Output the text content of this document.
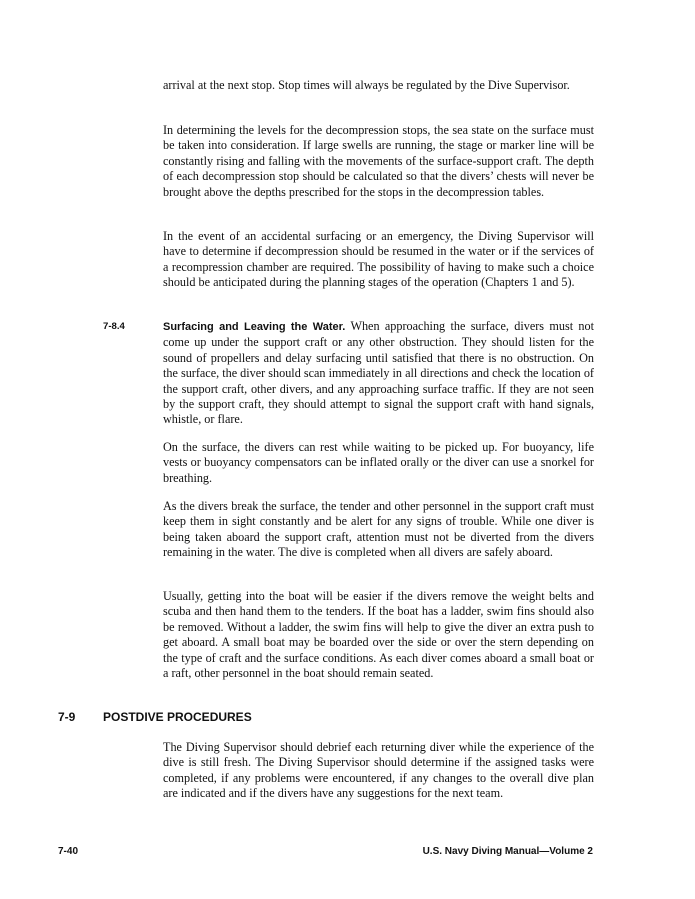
arrival at the next stop. Stop times will always be regulated by the Dive Supervisor.

In determining the levels for the decompression stops, the sea state on the surface must be taken into consideration. If large swells are running, the stage or marker line will be constantly rising and falling with the movements of the surface-support craft. The depth of each decompression stop should be calculated so that the divers’ chests will never be brought above the depths prescribed for the stops in the decompression tables.

In the event of an accidental surfacing or an emergency, the Diving Supervisor will have to determine if decompression should be resumed in the water or if the services of a recompression chamber are required. The possibility of having to make such a choice should be anticipated during the planning stages of the operation (Chapters 1 and 5).

7-8.4	Surfacing and Leaving the Water. When approaching the surface, divers must not come up under the support craft or any other obstruction. They should listen for the sound of propellers and delay surfacing until satisfied that there is no obstruction. On the surface, the diver should scan immediately in all directions and check the location of the support craft, other divers, and any approaching surface traffic. If they are not seen by the support craft, they should attempt to signal the support craft with hand signals, whistle, or flare.

On the surface, the divers can rest while waiting to be picked up. For buoyancy, life vests or buoyancy compensators can be inflated orally or the diver can use a snorkel for breathing.

As the divers break the surface, the tender and other personnel in the support craft must keep them in sight constantly and be alert for any signs of trouble. While one diver is being taken aboard the support craft, attention must not be diverted from the divers remaining in the water. The dive is completed when all divers are safely aboard.

Usually, getting into the boat will be easier if the divers remove the weight belts and scuba and then hand them to the tenders. If the boat has a ladder, swim fins should also be removed. Without a ladder, the swim fins will help to give the diver an extra push to get aboard. A small boat may be boarded over the side or over the stern depending on the type of craft and the surface conditions. As each diver comes aboard a small boat or a raft, other personnel in the boat should remain seated.

7-9 POSTDIVE PROCEDURES

The Diving Supervisor should debrief each returning diver while the experience of the dive is still fresh. The Diving Supervisor should determine if the assigned tasks were completed, if any problems were encountered, if any changes to the overall dive plan are indicated and if the divers have any suggestions for the next team.

7-40	U.S. Navy Diving Manual—Volume 2
